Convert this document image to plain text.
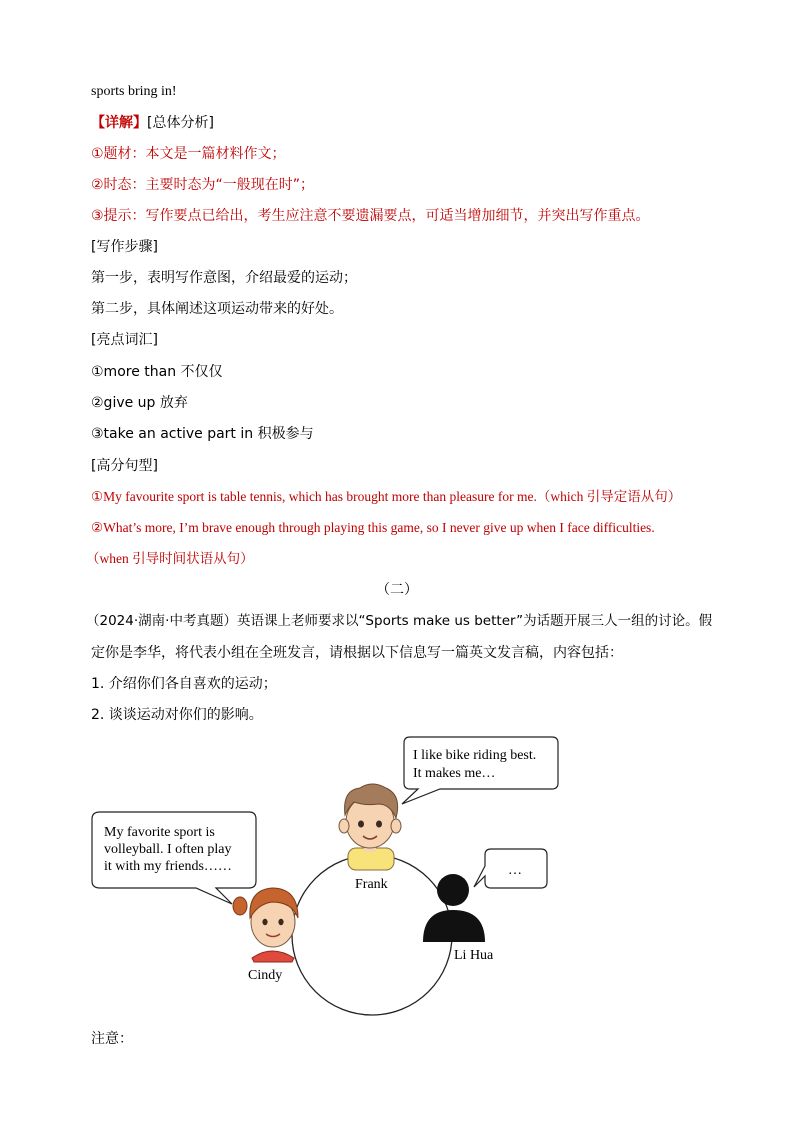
sports bring in!
【详解】[总体分析]
①题材：本文是一篇材料作文；
②时态：主要时态为“一般现在时”；
③提示：写作要点已给出，考生应注意不要遗漏要点，可适当增加细节，并突出写作重点。
[写作步骤]
第一步，表明写作意图，介绍最爱的运动；
第二步，具体阐述这项运动带来的好处。
[亮点词汇]
①more than 不仅仅
②give up 放弃
③take an active part in 积极参与
[高分句型]
①My favourite sport is table tennis, which has brought more than pleasure for me.（which 引导定语从句）
②What’s more, I’m brave enough through playing this game, so I never give up when I face difficulties.
（when 引导时间状语从句）
（二）
（2024·湖南·中考真题）英语课上老师要求以“Sports make us better”为话题开展三人一组的讨论。假
定你是李华，将代表小组在全班发言，请根据以下信息写一篇英文发言稿，内容包括：
1. 介绍你们各自喜欢的运动；
2. 谈谈运动对你们的影响。
注意：
I like bike riding best.
It makes me…
My favorite sport is
volleyball. I often play
it with my friends……	…
Frank
Cindy
Li Hua
